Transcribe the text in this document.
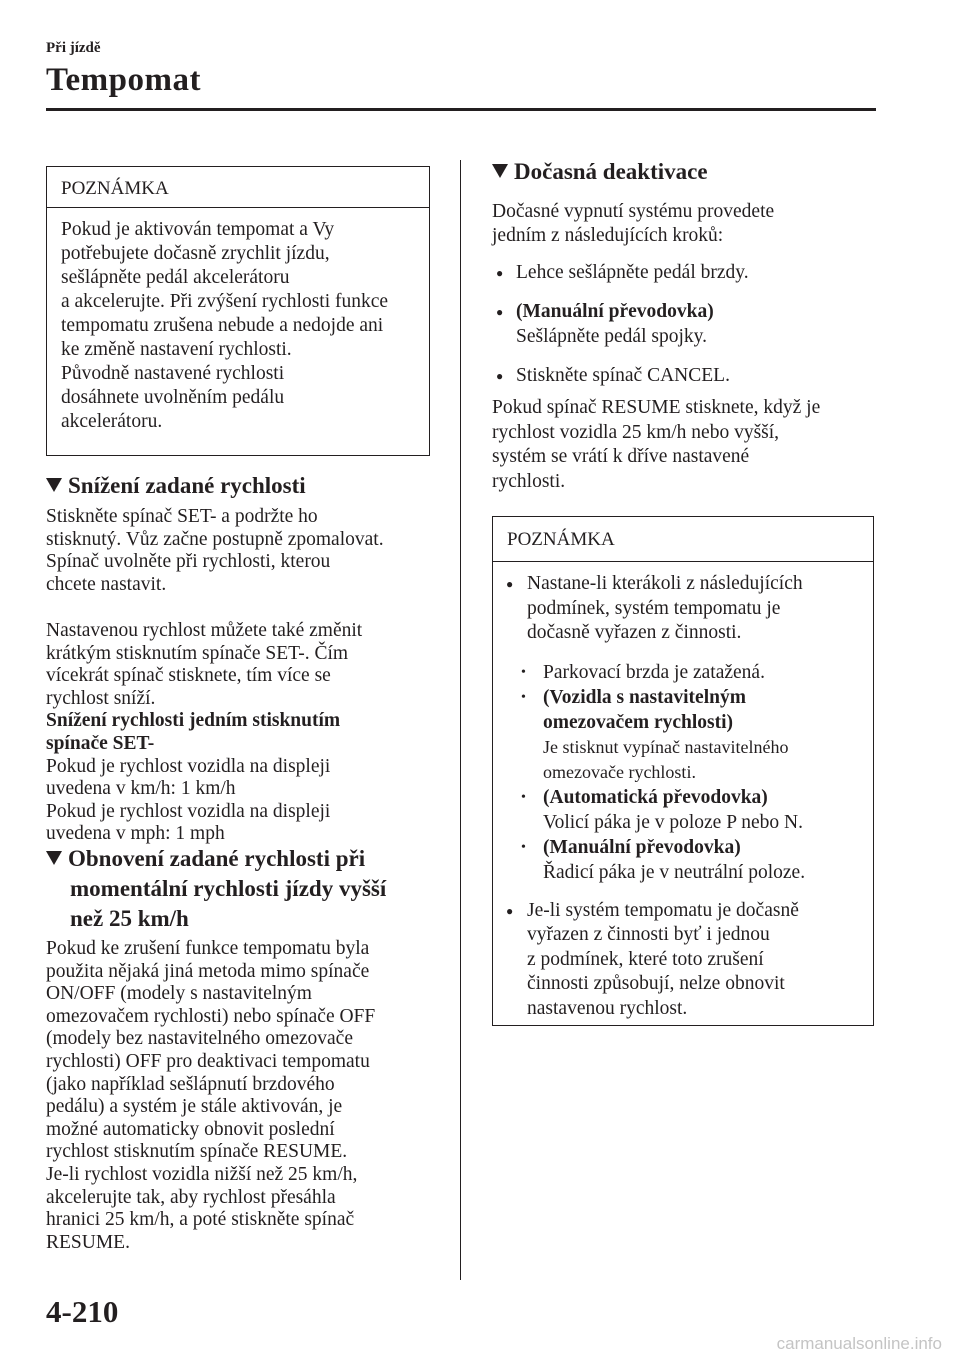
Při jízdě
Tempomat
POZNÁMKA
Pokud je aktivován tempomat a Vy
potřebujete dočasně zrychlit jízdu,
sešlápněte pedál akcelerátoru
a akcelerujte. Při zvýšení rychlosti funkce
tempomatu zrušena nebude a nedojde ani
ke změně nastavení rychlosti.
Původně nastavené rychlosti
dosáhnete uvolněním pedálu
akcelerátoru.
Snížení zadané rychlosti
Stiskněte spínač SET- a podržte ho
stisknutý. Vůz začne postupně zpomalovat.
Spínač uvolněte při rychlosti, kterou
chcete nastavit.
Nastavenou rychlost můžete také změnit
krátkým stisknutím spínače SET-. Čím
vícekrát spínač stisknete, tím více se
rychlost sníží.
Snížení rychlosti jedním stisknutím
spínače SET-
Pokud je rychlost vozidla na displeji
uvedena v km/h: 1 km/h
Pokud je rychlost vozidla na displeji
uvedena v mph: 1 mph
Obnovení zadané rychlosti při
momentální rychlosti jízdy vyšší
než 25 km/h
Pokud ke zrušení funkce tempomatu byla
použita nějaká jiná metoda mimo spínače
ON/OFF (modely s nastavitelným
omezovačem rychlosti) nebo spínače OFF
(modely bez nastavitelného omezovače
rychlosti) OFF pro deaktivaci tempomatu
(jako například sešlápnutí brzdového
pedálu) a systém je stále aktivován, je
možné automaticky obnovit poslední
rychlost stisknutím spínače RESUME.
Je-li rychlost vozidla nižší než 25 km/h,
akcelerujte tak, aby rychlost přesáhla
hranici 25 km/h, a poté stiskněte spínač
RESUME.
Dočasná deaktivace
Dočasné vypnutí systému provedete
jedním z následujících kroků:
● Lehce sešlápněte pedál brzdy.
● (Manuální převodovka)
Sešlápněte pedál spojky.
● Stiskněte spínač CANCEL.
Pokud spínač RESUME stisknete, když je
rychlost vozidla 25 km/h nebo vyšší,
systém se vrátí k dříve nastavené
rychlosti.
POZNÁMKA
● Nastane-li kterákoli z následujících
podmínek, systém tempomatu je
dočasně vyřazen z činnosti.
• Parkovací brzda je zatažená.
• (Vozidla s nastavitelným
omezovačem rychlosti)
Je stisknut vypínač nastavitelného
omezovače rychlosti.
• (Automatická převodovka)
Volicí páka je v poloze P nebo N.
• (Manuální převodovka)
Řadicí páka je v neutrální poloze.
● Je-li systém tempomatu je dočasně
vyřazen z činnosti byť i jednou
z podmínek, které toto zrušení
činnosti způsobují, nelze obnovit
nastavenou rychlost.
4-210
carmanualsonline.info
